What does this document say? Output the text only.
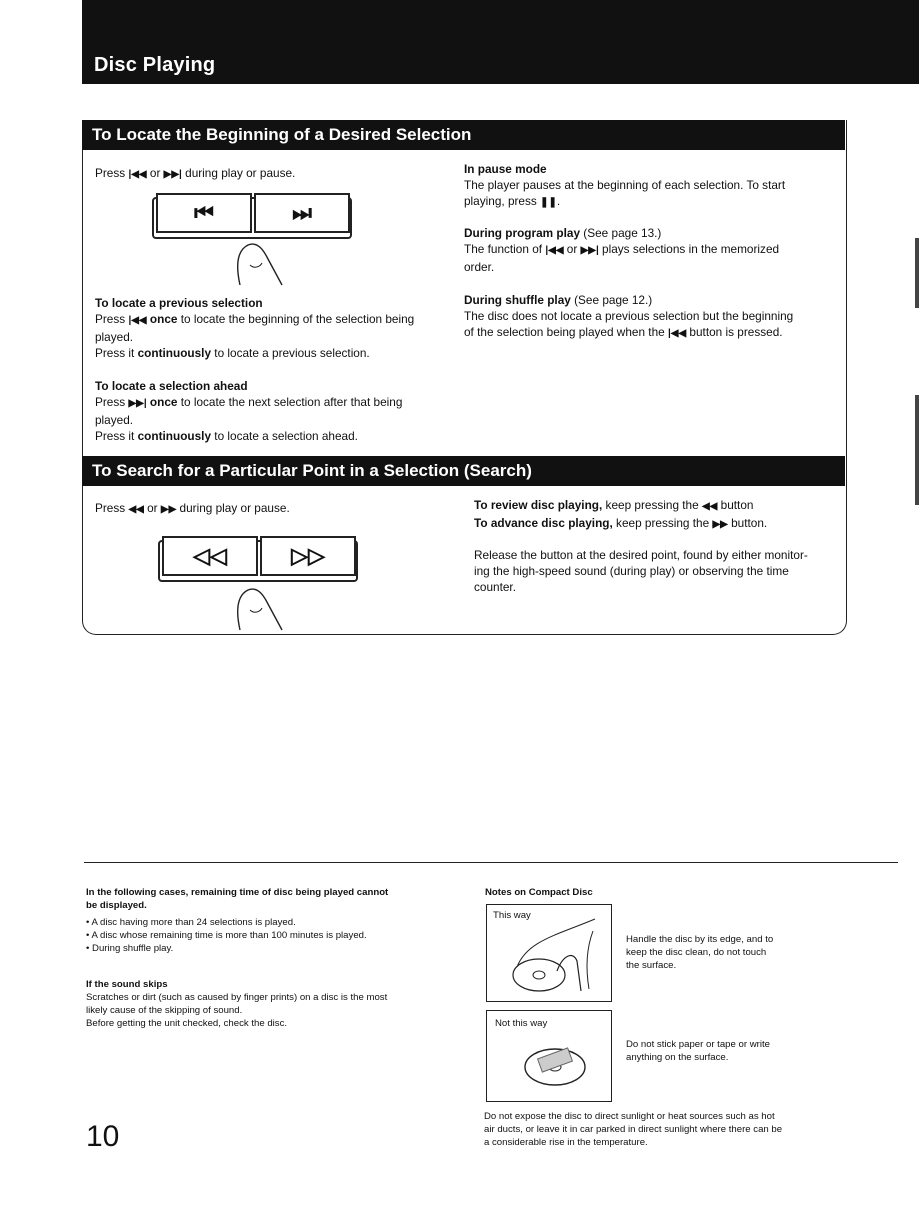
Disc Playing
To Locate the Beginning of a Desired Selection
Press |◀◀ or ▶▶| during play or pause.
⏮	⏭
To locate a previous selection
Press |◀◀ once to locate the beginning of the selection being
played.
Press it continuously to locate a previous selection.
To locate a selection ahead
Press ▶▶| once to locate the next selection after that being
played.
Press it continuously to locate a selection ahead.
In pause mode
The player pauses at the beginning of each selection. To start
playing, press ❚❚.
During program play (See page 13.)
The function of |◀◀ or ▶▶| plays selections in the memorized
order.
During shuffle play (See page 12.)
The disc does not locate a previous selection but the beginning
of the selection being played when the |◀◀ button is pressed.
To Search for a Particular Point in a Selection (Search)
Press ◀◀ or ▶▶ during play or pause.
◁◁	▷▷
To review disc playing, keep pressing the ◀◀ button
To advance disc playing, keep pressing the ▶▶ button.
Release the button at the desired point, found by either monitor-
ing the high-speed sound (during play) or observing the time
counter.
In the following cases, remaining time of disc being played cannot
be displayed.
• A disc having more than 24 selections is played.
• A disc whose remaining time is more than 100 minutes is played.
• During shuffle play.
If the sound skips
Scratches or dirt (such as caused by finger prints) on a disc is the most
likely cause of the skipping of sound.
Before getting the unit checked, check the disc.
10
Notes on Compact Disc
This way
Handle the disc by its edge, and to
keep the disc clean, do not touch
the surface.
Not this way
Do not stick paper or tape or write
anything on the surface.
Do not expose the disc to direct sunlight or heat sources such as hot
air ducts, or leave it in car parked in direct sunlight where there can be
a considerable rise in the temperature.
